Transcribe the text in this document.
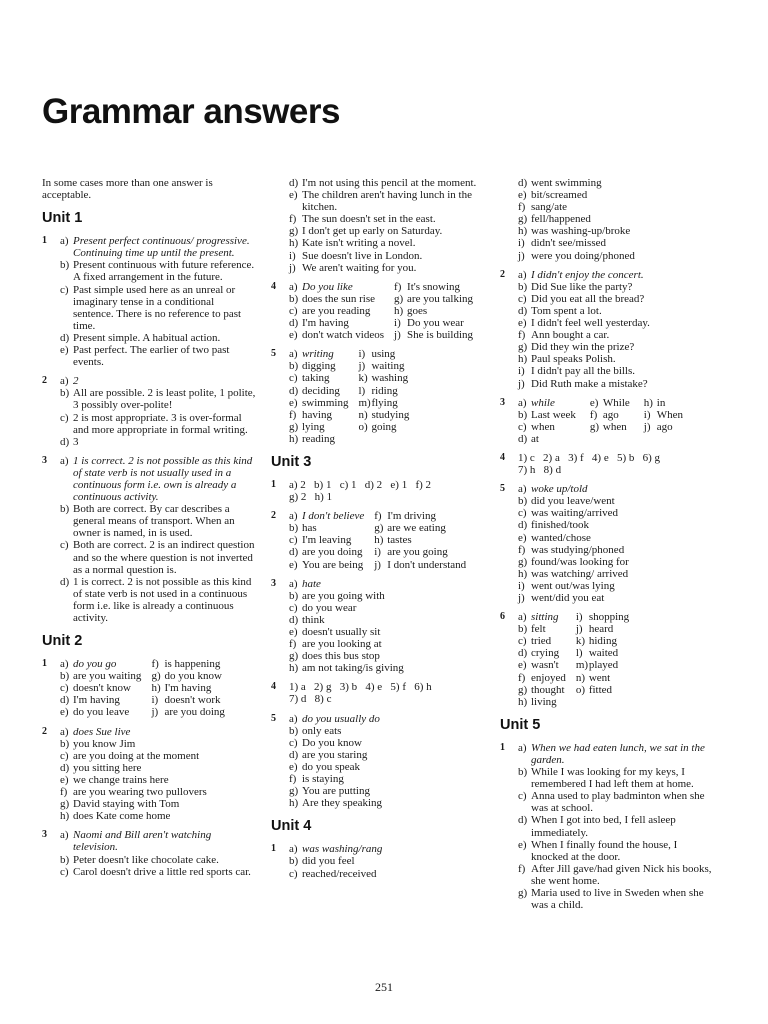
Grammar answers

In some cases more than one answer is acceptable.

Unit 1
1 a) Present perfect continuous/ progressive. Continuing time up until the present.
b) Present continuous with future reference. A fixed arrangement in the future.
c) Past simple used here as an unreal or imaginary tense in a conditional sentence. There is no reference to past time.
d) Present simple. A habitual action.
e) Past perfect. The earlier of two past events.
2 a) 2
b) All are possible. 2 is least polite, 1 polite, 3 possibly over-polite!
c) 2 is most appropriate. 3 is over-formal and more appropriate in formal writing.
d) 3
3 a) 1 is correct. 2 is not possible as this kind of state verb is not usually used in a continuous form i.e. own is already a continuous activity.
b) Both are correct. By car describes a general means of transport. When an owner is named, in is used.
c) Both are correct. 2 is an indirect question and so the where question is not inverted as a normal question is.
d) 1 is correct. 2 is not possible as this kind of state verb is not used in a continuous form i.e. like is already a continuous activity.
Unit 2
1 a) do you go	f) is happening
b) are you waiting g) do you know
c) doesn't know	h) I'm having
d) I'm having	i) doesn't work
e) do you leave	j) are you doing
2 a) does Sue live
b) you know Jim
c) are you doing at the moment
d) you sitting here
e) we change trains here
f) are you wearing two pullovers
g) David staying with Tom
h) does Kate come home
3 a) Naomi and Bill aren't watching television.
b) Peter doesn't like chocolate cake.
c) Carol doesn't drive a little red sports car.
d) I'm not using this pencil at the moment.
e) The children aren't having lunch in the kitchen.
f) The sun doesn't set in the east.
g) I don't get up early on Saturday.
h) Kate isn't writing a novel.
i) Sue doesn't live in London.
j) We aren't waiting for you.
4 a) Do you like	f) It's snowing
b) does the sun rise	g) are you talking
c) are you reading	h) goes
d) I'm having	i) Do you wear
e) don't watch videos j) She is building
5 a) writing	i) using
b) digging	j) waiting
c) taking	k) washing
d) deciding	l) riding
e) swimming m) flying
f) having	n) studying
g) lying	o) going
h) reading
Unit 3
1 a) 2   b) 1   c) 1   d) 2   e) 1   f) 2
g) 2   h) 1
2 a) I don't believe f) I'm driving
b) has	g) are we eating
c) I'm leaving	h) tastes
d) are you doing i) are you going
e) You are being j) I don't understand
3 a) hate
b) are you going with
c) do you wear
d) think
e) doesn't usually sit
f) are you looking at
g) does this bus stop
h) am not taking/is giving
4 1) a   2) g   3) b   4) e   5) f   6) h
7) d   8) c
5 a) do you usually do
b) only eats
c) Do you know
d) are you staring
e) do you speak
f) is staying
g) You are putting
h) Are they speaking
Unit 4
1 a) was washing/rang
b) did you feel
c) reached/received
d) went swimming
e) bit/screamed
f) sang/ate
g) fell/happened
h) was washing-up/broke
i) didn't see/missed
j) were you doing/phoned
2 a) I didn't enjoy the concert.
b) Did Sue like the party?
c) Did you eat all the bread?
d) Tom spent a lot.
e) I didn't feel well yesterday.
f) Ann bought a car.
g) Did they win the prize?
h) Paul speaks Polish.
i) I didn't pay all the bills.
j) Did Ruth make a mistake?
3 a) while	e) While h) in
b) Last week f) ago	i) When
c) when	g) when j) ago
d) at
4 1) c   2) a   3) f   4) e   5) b   6) g
7) h   8) d
5 a) woke up/told
b) did you leave/went
c) was waiting/arrived
d) finished/took
e) wanted/chose
f) was studying/phoned
g) found/was looking for
h) was watching/ arrived
i) went out/was lying
j) went/did you eat
6 a) sitting	i) shopping
b) felt	j) heard
c) tried	k) hiding
d) crying	l) waited
e) wasn't	m) played
f) enjoyed n) went
g) thought o) fitted
h) living
Unit 5
1 a) When we had eaten lunch, we sat in the garden.
b) While I was looking for my keys, I remembered I had left them at home.
c) Anna used to play badminton when she was at school.
d) When I got into bed, I fell asleep immediately.
e) When I finally found the house, I knocked at the door.
f) After Jill gave/had given Nick his books, she went home.
g) Maria used to live in Sweden when she was a child.
251
